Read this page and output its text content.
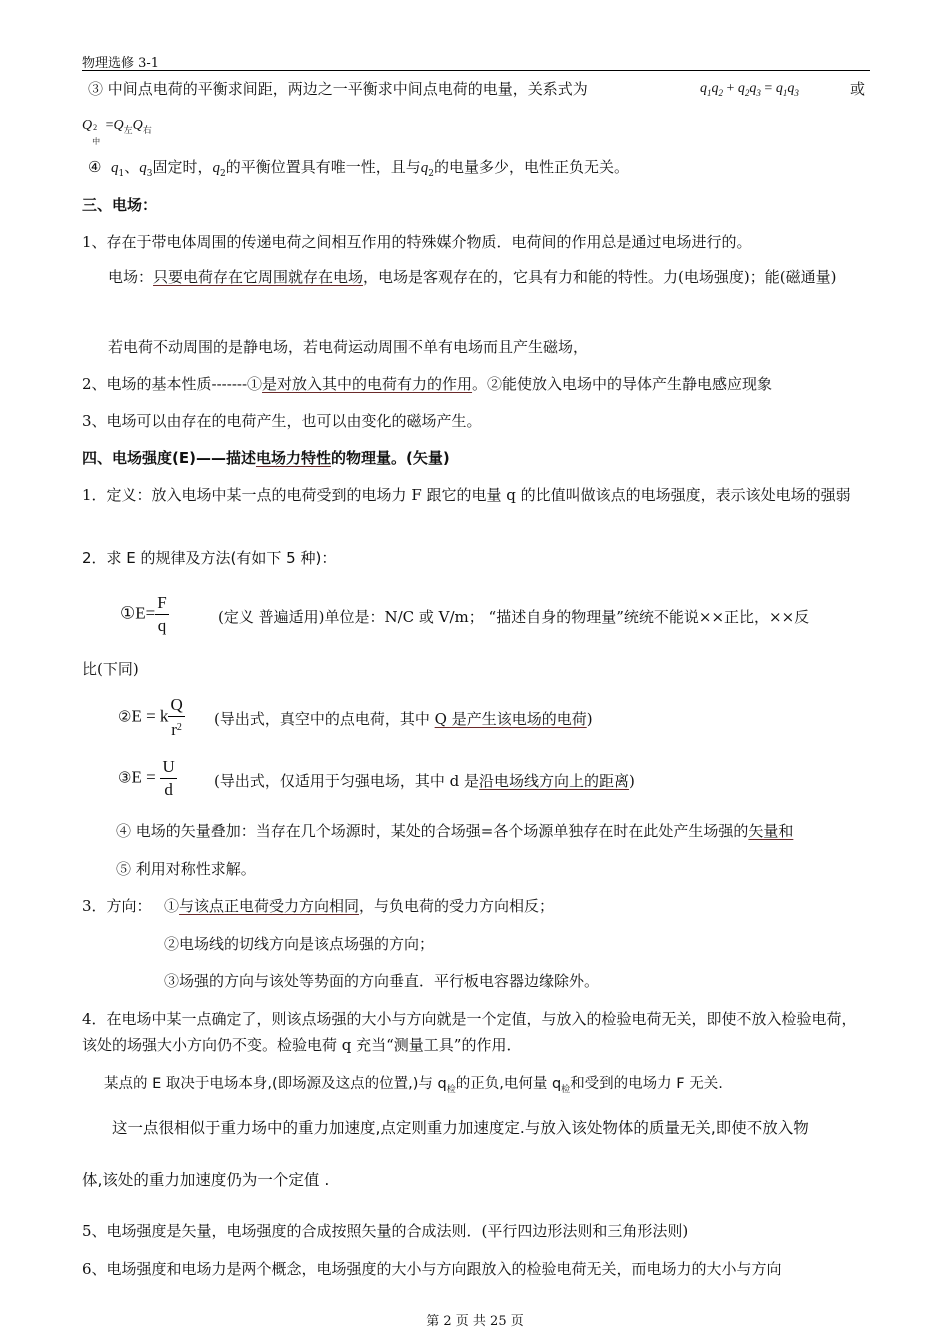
物理选修 3-1
③ 中间点电荷的平衡求间距，两边之一平衡求中间点电荷的电量，关系式为	$q_1q_2 + q_2q_3 = q_1q_3$	或
Q 2
中
$=Q_左Q_右$
④ $q_1$、$q_3$固定时，$q_2$的平衡位置具有唯一性，且与$q_2$的电量多少，电性正负无关。
三、电场：
1、存在于带电体周围的传递电荷之间相互作用的特殊媒介物质．电荷间的作用总是通过电场进行的。
电场：只要电荷存在它周围就存在电场，电场是客观存在的，它具有力和能的特性。力(电场强度)；能(磁通量)
若电荷不动周围的是静电场，若电荷运动周围不单有电场而且产生磁场，
2、电场的基本性质-------①是对放入其中的电荷有力的作用。②能使放入电场中的导体产生静电感应现象
3、电场可以由存在的电荷产生，也可以由变化的磁场产生。
四、电场强度(E)——描述电场力特性的物理量。(矢量)
1．定义：放入电场中某一点的电荷受到的电场力 F 跟它的电量 q 的比值叫做该点的电场强度，表示该处电场的强弱
2．求 E 的规律及方法(有如下 5 种)：
①E= $\frac{F}{q}$	(定义 普遍适用)单位是：N/C 或 V/m； “描述自身的物理量”统统不能说××正比，××反
比(下同)
②E = k $\frac{Q}{r^2}$ (导出式，真空中的点电荷，其中 Q 是产生该电场的电荷)
③E = $\frac{U}{d}$ (导出式，仅适用于匀强电场，其中 d 是沿电场线方向上的距离)
④ 电场的矢量叠加：当存在几个场源时，某处的合场强=各个场源单独存在时在此处产生场强的矢量和
⑤ 利用对称性求解。
3．方向： ①与该点正电荷受力方向相同，与负电荷的受力方向相反；
②电场线的切线方向是该点场强的方向；
③场强的方向与该处等势面的方向垂直．平行板电容器边缘除外。
4．在电场中某一点确定了，则该点场强的大小与方向就是一个定值，与放入的检验电荷无关，即使不放入检验电荷，该处的场强大小方向仍不变。检验电荷 q 充当“测量工具”的作用．
某点的 E 取决于电场本身,(即场源及这点的位置,)与 $q_检$的正负,电何量 $q_检$和受到的电场力 F 无关.
这一点很相似于重力场中的重力加速度,点定则重力加速度定.与放入该处物体的质量无关,即使不放入物
体,该处的重力加速度仍为一个定值 .
5、电场强度是矢量，电场强度的合成按照矢量的合成法则．(平行四边形法则和三角形法则)
6、电场强度和电场力是两个概念，电场强度的大小与方向跟放入的检验电荷无关，而电场力的大小与方向
第 2 页 共 25 页
